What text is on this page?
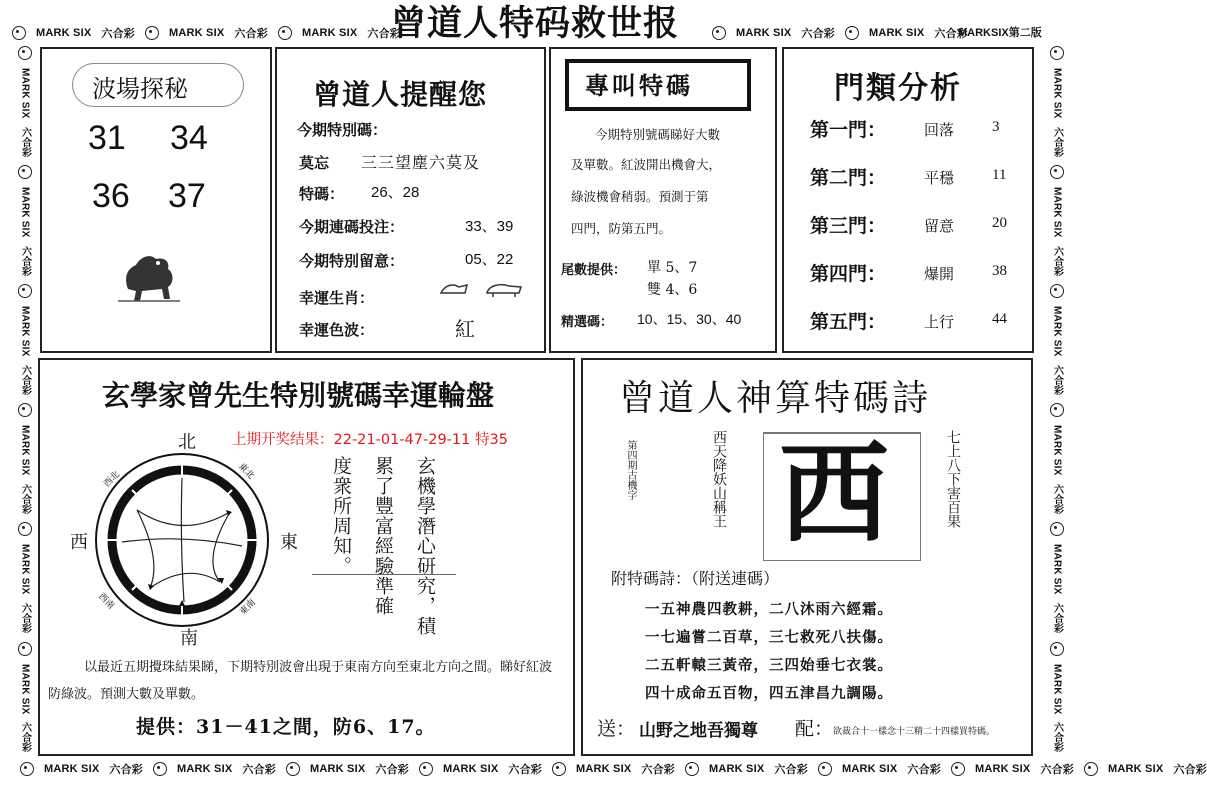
MARK SIX 六合彩	MARK SIX 六合彩	MARK SIX 六合彩	MARK SIX 六合彩	MARK SIX 六合彩
MARK SIX 六合彩	MARK SIX 六合彩	MARK SIX 六合彩	MARK SIX 六合彩	MARK SIX 六合彩	MARK SIX 六合彩	MARK SIX 六合彩	MARK SIX 六合彩	MARK SIX 六合彩
MARK SIX
六合彩
MARK SIX
六合彩
MARK SIX
六合彩
MARK SIX
六合彩
MARK SIX
六合彩
MARK SIX
六合彩
MARK SIX
六合彩
MARK SIX
六合彩
MARK SIX
六合彩
MARK SIX
六合彩
MARK SIX
六合彩
MARK SIX
六合彩
MARKSIX第二版
曾道人特码救世报
波場探秘
31 34
36 37
曾道人提醒您
今期特別碼：
莫忘 三三望塵六莫及
特碼： 26、28
今期連碼投注：	33、39
今期特別留意：	05、22
幸運生肖：
幸運色波：	紅
專叫特碼
今期特別號碼睇好大數
及單數。紅波開出機會大，
綠波機會稍弱。預測于第
四門，防第五門。
尾數提供： 單 5、7
雙 4、6
精選碼： 10、15、30、40
門類分析
第一門：	回落	3
第二門：	平穩	11
第三門：	留意	20
第四門：	爆開	38
第五門：	上行	44
玄學家曾先生特別號碼幸運輪盤
上期开奖结果：22-21-01-47-29-11 特35
北
南
西	東
西北	東北
東南
西南	玄機學潛心研究，積
累了豐富經驗準確
度衆所周知。
以最近五期攪珠結果睇，下期特別波會出現于東南方向至東北方向之間。睇好紅波防綠波。預測大數及單數。
提供：31－41之間，防6、17。
曾道人神算特碼詩
第四期古機字	西天降妖山稱王	七上八下害百果
西
附特碼詩：（附送連碼）
一五神農四教耕，二八沐雨六經霜。
一七遍嘗二百草，三七救死八扶傷。
二五軒轅三黃帝，三四始垂七衣裳。
四十成命五百物，四五津昌九調陽。
送： 山野之地吾獨尊 配： 欲裁合十一樣念十三精二十四樣買特碼。
